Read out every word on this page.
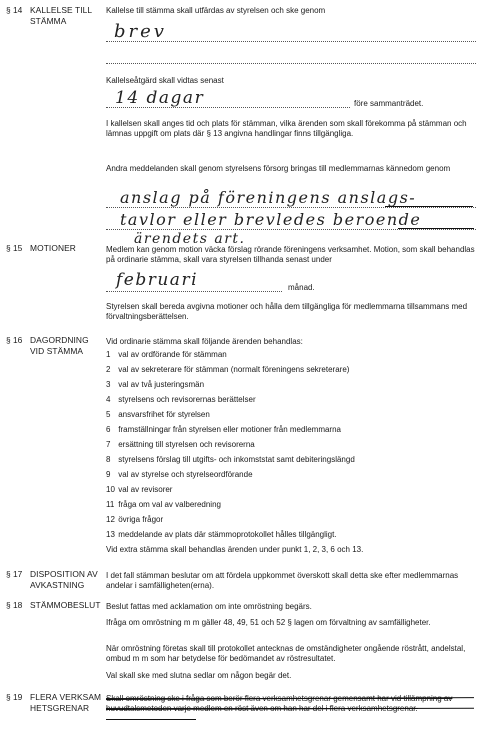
§ 14 KALLELSE TILL
STÄMMA
Kallelse till stämma skall utfärdas av styrelsen och ske genom
brev
Kallelseåtgärd skall vidtas senast
14 dagar	före sammanträdet.
I kallelsen skall anges tid och plats för stämman, vilka ärenden som skall förekomma på stämman och lämnas uppgift om plats där § 13 angivna handlingar finns tillgängliga.
Andra meddelanden skall genom styrelsens försorg bringas till medlemmarnas kännedom genom
anslag på föreningens anslags-
tavlor eller brevledes beroende
ärendets art.
§ 15 MOTIONER	Medlem kan genom motion väcka förslag rörande föreningens verksamhet. Motion, som skall behandlas på ordinarie stämma, skall vara styrelsen tillhanda senast under
februari	månad.
Styrelsen skall bereda avgivna motioner och hålla dem tillgängliga för medlemmarna tillsammans med förvaltningsberättelsen.
§ 16 DAGORDNING
VID STÄMMA
Vid ordinarie stämma skall följande ärenden behandlas:
1 val av ordförande för stämman
2 val av sekreterare för stämman (normalt föreningens sekreterare)
3 val av två justeringsmän
4 styrelsens och revisorernas berättelser
5 ansvarsfrihet för styrelsen
6 framställningar från styrelsen eller motioner från medlemmarna
7 ersättning till styrelsen och revisorerna
8 styrelsens förslag till utgifts- och inkomststat samt debiteringslängd
9 val av styrelse och styrelseordförande
10 val av revisorer
11 fråga om val av valberedning
12 övriga frågor
13 meddelande av plats där stämmoprotokollet hålles tillgängligt.
Vid extra stämma skall behandlas ärenden under punkt 1, 2, 3, 6 och 13.
§ 17 DISPOSITION AV
AVKASTNING
I det fall stämman beslutar om att fördela uppkommet överskott skall detta ske efter medlemmarnas andelar i samfälligheten(erna).
§ 18 STÄMMOBESLUT Beslut fattas med acklamation om inte omröstning begärs.
Ifråga om omröstning m m gäller 48, 49, 51 och 52 § lagen om förvaltning av samfälligheter.
När omröstning företas skall till protokollet antecknas de omständigheter ongående röstrått, andelstal, ombud m m som har betydelse för bedömandet av röstresultatet.
Val skall ske med slutna sedlar om någon begär det.
§ 19 FLERA VERKSAM
HETSGRENAR
Skall omröstning ske i fråga som berör flera verksamhetsgrenar gemensamt har vid tillämpning av huvudtalsmetoden varje medlem en röst även om han har del i flera verksamhetsgrenar.
